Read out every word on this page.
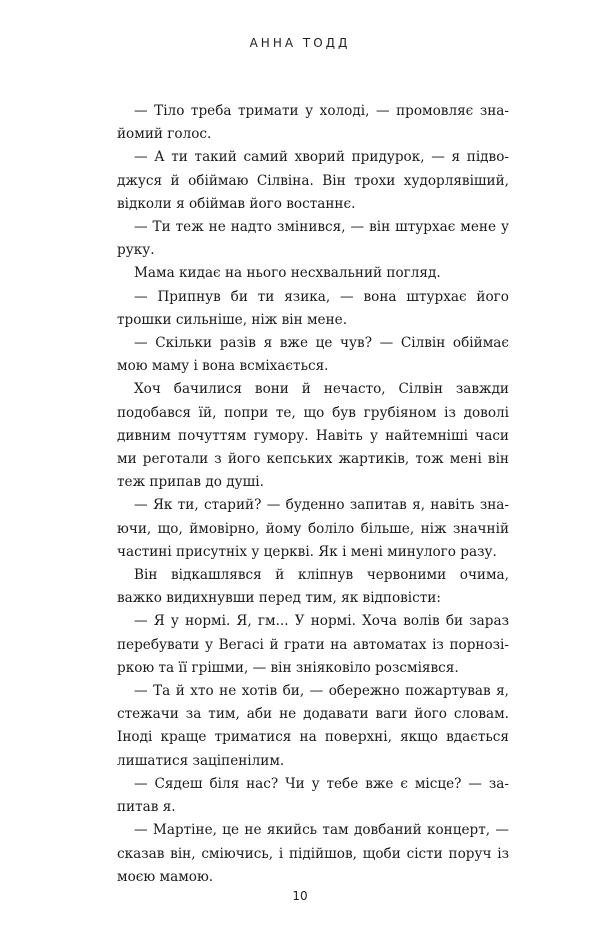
АННА ТОДД

— Тіло треба тримати у холоді, — промовляє знайомий голос.

— А ти такий самий хворий придурок, — я підводжуся й обіймаю Сілвіна. Він трохи худорлявіший, відколи я обіймав його востаннє.

— Ти теж не надто змінився, — він штурхає мене у руку.

Мама кидає на нього несхвальний погляд.

— Припнув би ти язика, — вона штурхає його трошки сильніше, ніж він мене.

— Скільки разів я вже це чув? — Сілвін обіймає мою маму і вона всміхається.

Хоч бачилися вони й нечасто, Сілвін завжди подобався їй, попри те, що був грубіяном із доволі дивним почуттям гумору. Навіть у найтемніші часи ми реготали з його кепських жартиків, тож мені він теж припав до душі.

— Як ти, старий? — буденно запитав я, навіть знаючи, що, ймовірно, йому боліло більше, ніж значній частині присутніх у церкві. Як і мені минулого разу.

Він відкашлявся й кліпнув червоними очима, важко видихнувши перед тим, як відповісти:

— Я у нормі. Я, гм... У нормі. Хоча волів би зараз перебувати у Вегасі й грати на автоматах із порнозіркою та її грішми, — він зніяковіло розсміявся.

— Та й хто не хотів би, — обережно пожартував я, стежачи за тим, аби не додавати ваги його словам. Іноді краще триматися на поверхні, якщо вдається лишатися заціпенілим.

— Сядеш біля нас? Чи у тебе вже є місце? — запитав я.

— Мартіне, це не якийсь там довбаний концерт, — сказав він, сміючись, і підійшов, щоби сісти поруч із моєю мамою.

10
